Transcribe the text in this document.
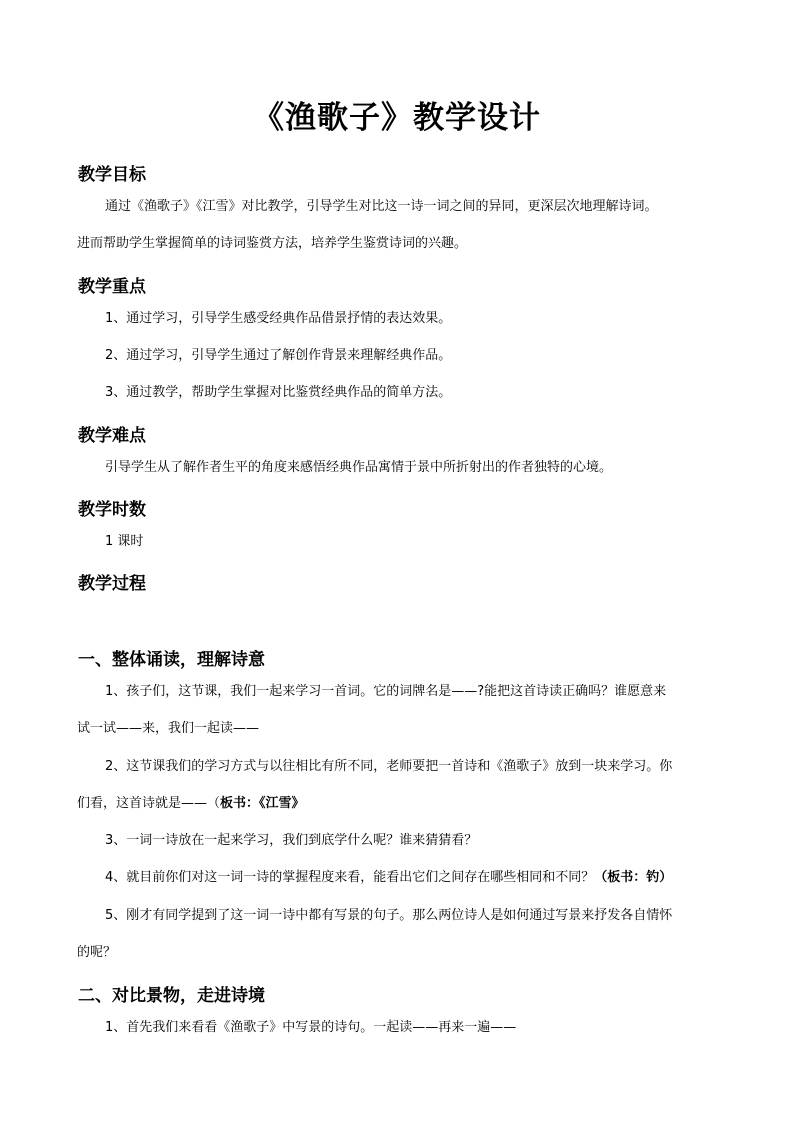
《渔歌子》教学设计
教学目标
通过《渔歌子》《江雪》对比教学，引导学生对比这一诗一词之间的异同，更深层次地理解诗词。
进而帮助学生掌握简单的诗词鉴赏方法，培养学生鉴赏诗词的兴趣。
教学重点
1、通过学习，引导学生感受经典作品借景抒情的表达效果。
2、通过学习，引导学生通过了解创作背景来理解经典作品。
3、通过教学，帮助学生掌握对比鉴赏经典作品的简单方法。
教学难点
引导学生从了解作者生平的角度来感悟经典作品寓情于景中所折射出的作者独特的心境。
教学时数
1 课时
教学过程
一、整体诵读，理解诗意
1、孩子们，这节课，我们一起来学习一首词。它的词牌名是——?能把这首诗读正确吗？谁愿意来
试一试——来，我们一起读——
2、这节课我们的学习方式与以往相比有所不同，老师要把一首诗和《渔歌子》放到一块来学习。你
们看，这首诗就是——（板书：《江雪》
3、一词一诗放在一起来学习，我们到底学什么呢？谁来猜猜看？
4、就目前你们对这一词一诗的掌握程度来看，能看出它们之间存在哪些相同和不同？（板书：钓）
5、刚才有同学提到了这一词一诗中都有写景的句子。那么两位诗人是如何通过写景来抒发各自情怀
的呢？
二、对比景物，走进诗境
1、首先我们来看看《渔歌子》中写景的诗句。一起读——再来一遍——
